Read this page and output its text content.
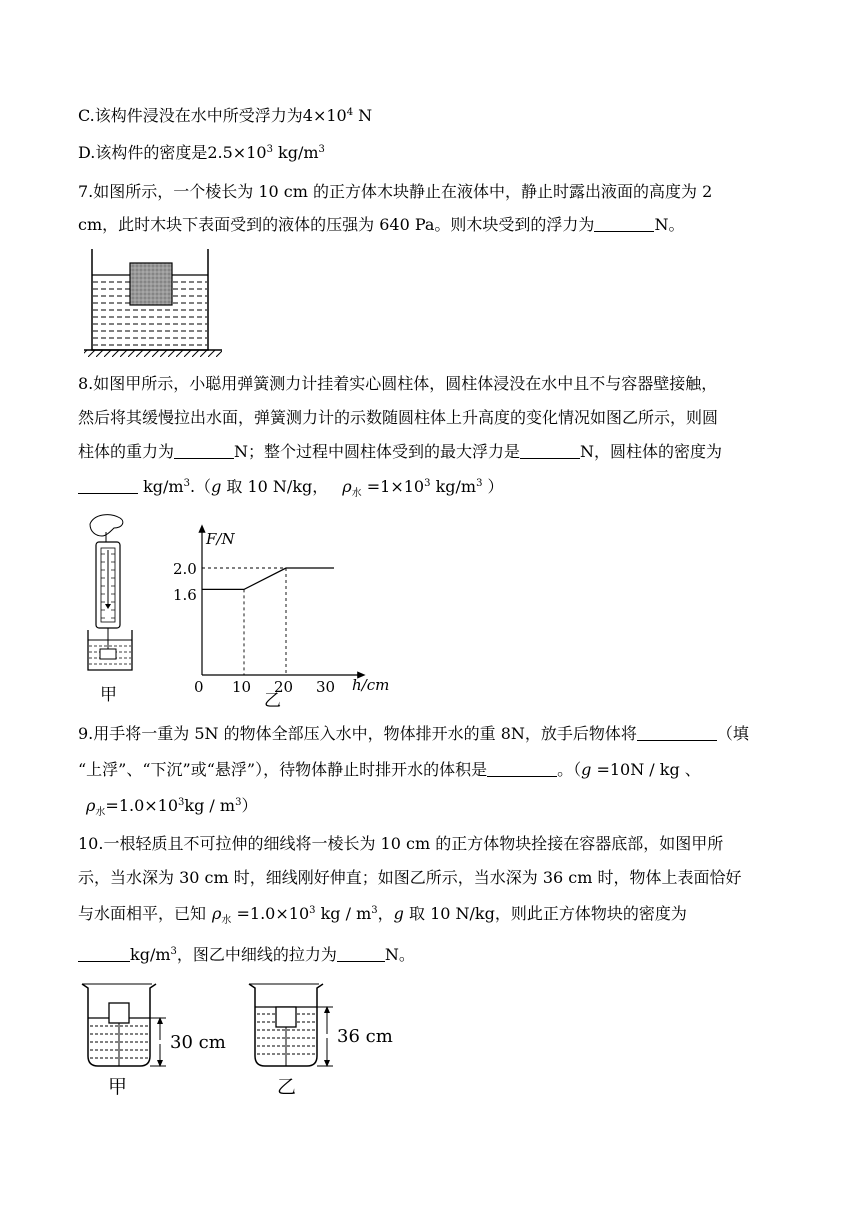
C.该构件浸没在水中所受浮力为$4\times 10^4$ N
D.该构件的密度是$2.5\times 10^3$ $kg/m^3$
7.如图所示，一个棱长为 10 cm 的正方体木块静止在液体中，静止时露出液面的高度为 2
cm，此时木块下表面受到的液体的压强为 640 Pa。则木块受到的浮力为	N。
8.如图甲所示，小聪用弹簧测力计挂着实心圆柱体，圆柱体浸没在水中且不与容器壁接触，
然后将其缓慢拉出水面，弹簧测力计的示数随圆柱体上升高度的变化情况如图乙所示，则圆
柱体的重力为	N；整个过程中圆柱体受到的最大浮力是	N，圆柱体的密度为
$kg/m^3.(g$ 取 10 N/kg， $\rho_水 =1\times 10^3$ $kg/m^3$ ）
甲
F/N
h/cm
2.0
1.6
0 10 20 30
乙
9.用手将一重为 5N 的物体全部压入水中，物体排开水的重 8N，放手后物体将	（填
“上浮”、“下沉”或“悬浮”），待物体静止时排开水的体积是	。（g =10N / kg 、
$\rho_水=1.0\times 10^3kg / m^3$）
10.一根轻质且不可拉伸的细线将一棱长为 10 cm 的正方体物块拴接在容器底部，如图甲所
示，当水深为 30 cm 时，细线刚好伸直；如图乙所示，当水深为 36 cm 时，物体上表面恰好
与水面相平，已知 $\rho_水 =1.0\times 10^3$ kg / $m^3$，g 取 10 N/kg，则此正方体物块的密度为
$kg/m^3$，图乙中细线的拉力为	N。
30 cm
甲
36 cm
乙
